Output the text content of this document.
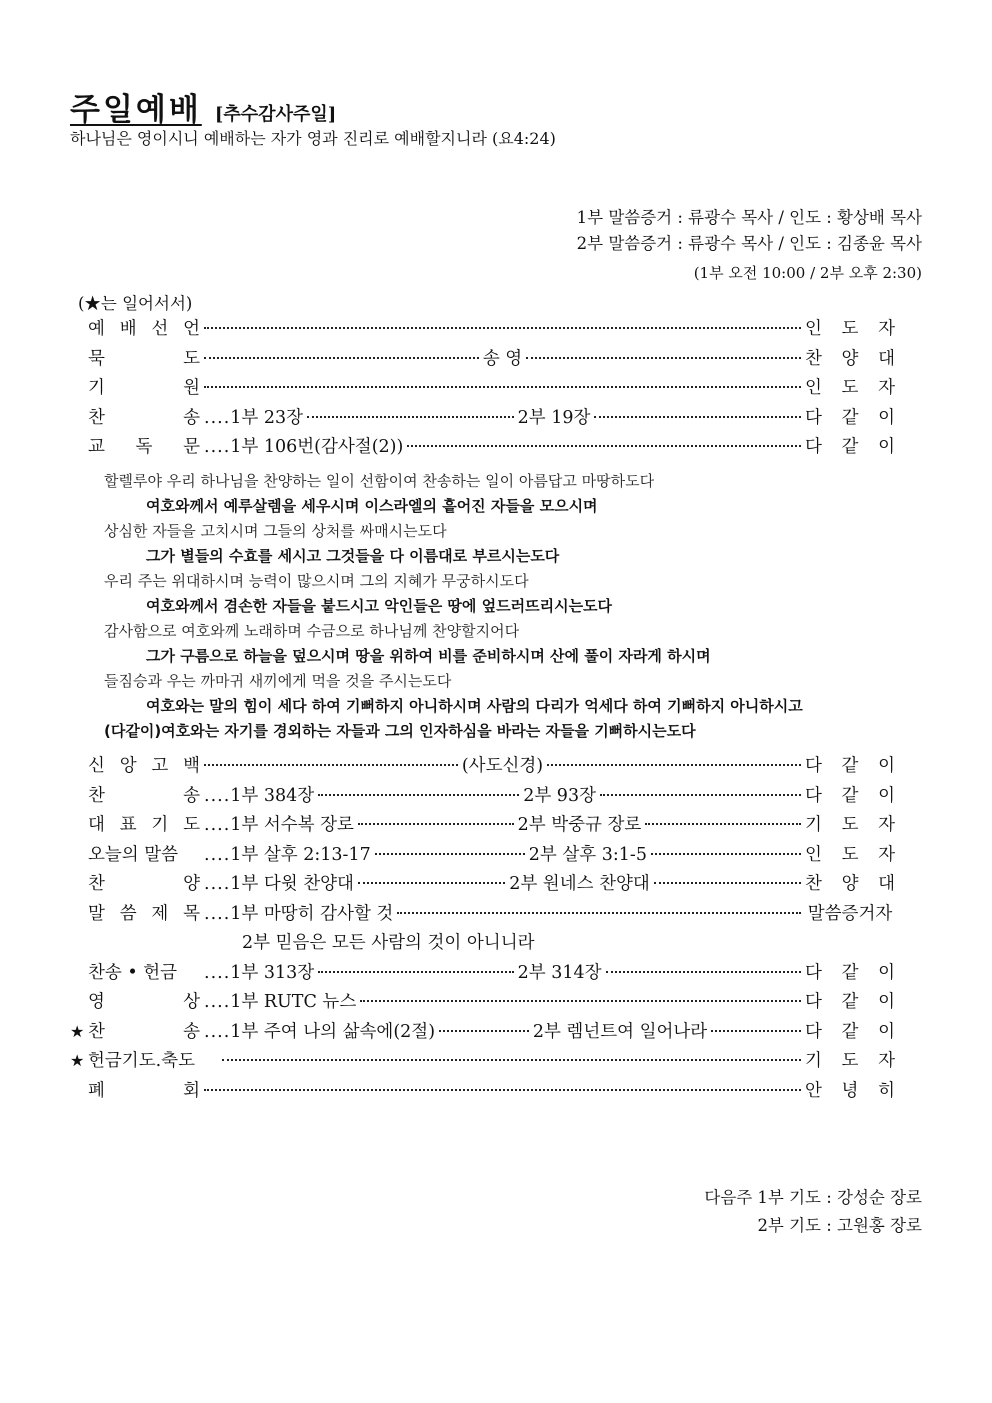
주일예배 [추수감사주일]
하나님은 영이시니 예배하는 자가 영과 진리로 예배할지니라 (요4:24)
1부 말씀증거 : 류광수 목사 / 인도 : 황상배 목사
2부 말씀증거 : 류광수 목사 / 인도 : 김종윤 목사
(1부 오전 10:00 / 2부 오후 2:30)
(★는 일어서서)
예 배 선 언	인 도 자
묵	도	송 영	찬 양 대
기	원	인 도 자
찬	송 .... 1부 23장	2부 19장	다 같 이
교 독 문 .... 1부 106번(감사절(2))	다 같 이
할렐루야 우리 하나님을 찬양하는 일이 선함이여 찬송하는 일이 아름답고 마땅하도다
여호와께서 예루살렘을 세우시며 이스라엘의 흩어진 자들을 모으시며
상심한 자들을 고치시며 그들의 상처를 싸매시는도다
그가 별들의 수효를 세시고 그것들을 다 이름대로 부르시는도다
우리 주는 위대하시며 능력이 많으시며 그의 지혜가 무궁하시도다
여호와께서 겸손한 자들을 붙드시고 악인들은 땅에 엎드러뜨리시는도다
감사함으로 여호와께 노래하며 수금으로 하나님께 찬양할지어다
그가 구름으로 하늘을 덮으시며 땅을 위하여 비를 준비하시며 산에 풀이 자라게 하시며
들짐승과 우는 까마귀 새끼에게 먹을 것을 주시는도다
여호와는 말의 힘이 세다 하여 기뻐하지 아니하시며 사람의 다리가 억세다 하여 기뻐하지 아니하시고
(다같이)여호와는 자기를 경외하는 자들과 그의 인자하심을 바라는 자들을 기뻐하시는도다
신 앙 고 백	(사도신경)	다 같 이
찬	송 .... 1부 384장	2부 93장	다 같 이
대 표 기 도 .... 1부 서수복 장로	2부 박중규 장로	기 도 자
오늘의 말씀 .... 1부 살후 2:13-17	2부 살후 3:1-5	인 도 자
찬	양 .... 1부 다윗 찬양대	2부 원네스 찬양대	찬 양 대
말 씀 제 목 .... 1부 마땅히 감사할 것	말씀증거자
2부 믿음은 모든 사람의 것이 아니니라
찬송 • 헌금 .... 1부 313장	2부 314장	다 같 이
영	상 .... 1부 RUTC 뉴스	다 같 이
★ 찬	송 .... 1부 주여 나의 삶속에(2절)	2부 렘넌트여 일어나라	다 같 이
★ 헌금기도.축도	기 도 자
폐	회	안 녕 히
다음주 1부 기도 : 강성순 장로
2부 기도 : 고원홍 장로
